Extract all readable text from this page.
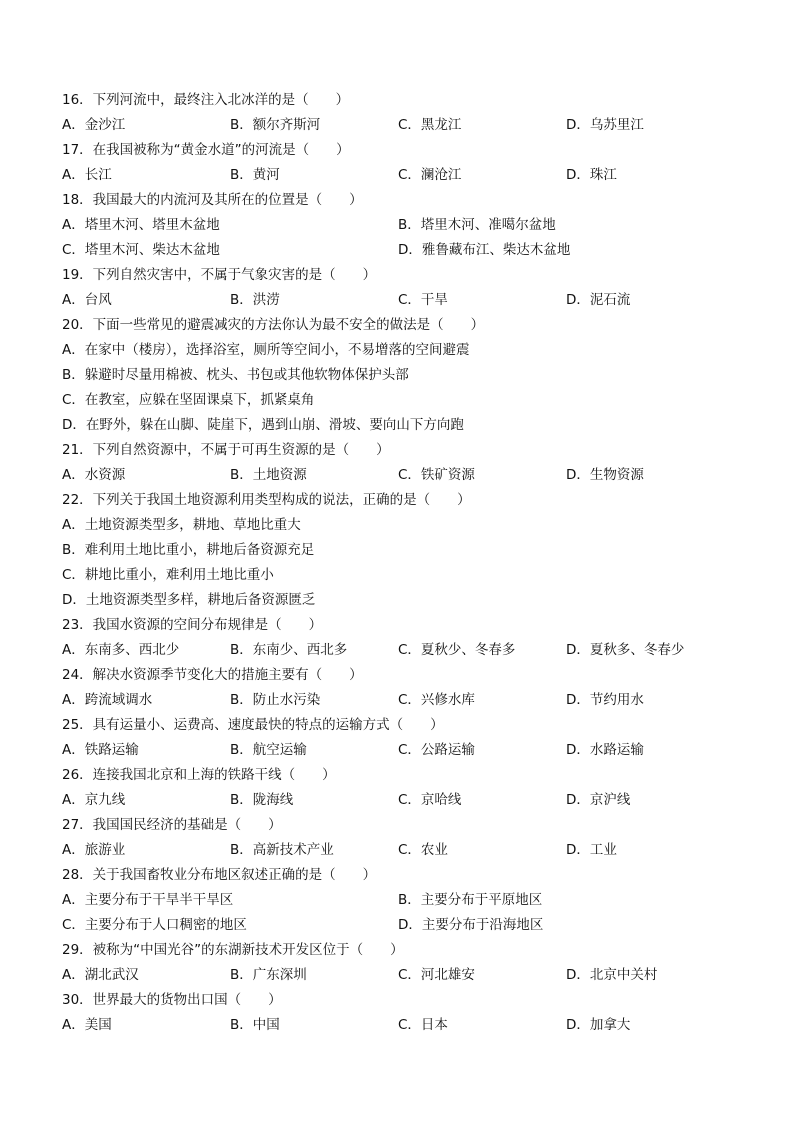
16．下列河流中，最终注入北冰洋的是（　　）
A．金沙江	B．额尔齐斯河	C．黑龙江	D．乌苏里江
17．在我国被称为“黄金水道”的河流是（　　）
A．长江	B．黄河	C．澜沧江	D．珠江
18．我国最大的内流河及其所在的位置是（　　）
A．塔里木河、塔里木盆地	B．塔里木河、准噶尔盆地
C．塔里木河、柴达木盆地	D．雅鲁藏布江、柴达木盆地
19．下列自然灾害中，不属于气象灾害的是（　　）
A．台风	B．洪涝	C．干旱	D．泥石流
20．下面一些常见的避震减灾的方法你认为最不安全的做法是（　　）
A．在家中（楼房），选择浴室，厕所等空间小，不易增落的空间避震
B．躲避时尽量用棉被、枕头、书包或其他软物体保护头部
C．在教室，应躲在坚固课桌下，抓紧桌角
D．在野外，躲在山脚、陡崖下，遇到山崩、滑坡、要向山下方向跑
21．下列自然资源中，不属于可再生资源的是（　　）
A．水资源	B．土地资源	C．铁矿资源	D．生物资源
22．下列关于我国土地资源利用类型构成的说法，正确的是（　　）
A．土地资源类型多，耕地、草地比重大
B．难利用土地比重小，耕地后备资源充足
C．耕地比重小，难利用土地比重小
D．土地资源类型多样，耕地后备资源匮乏
23．我国水资源的空间分布规律是（　　）
A．东南多、西北少	B．东南少、西北多	C．夏秋少、冬春多	D．夏秋多、冬春少
24．解决水资源季节变化大的措施主要有（　　）
A．跨流域调水	B．防止水污染	C．兴修水库	D．节约用水
25．具有运量小、运费高、速度最快的特点的运输方式（　　）
A．铁路运输	B．航空运输	C．公路运输	D．水路运输
26．连接我国北京和上海的铁路干线（　　）
A．京九线	B．陇海线	C．京哈线	D．京沪线
27．我国国民经济的基础是（　　）
A．旅游业	B．高新技术产业	C．农业	D．工业
28．关于我国畜牧业分布地区叙述正确的是（　　）
A．主要分布于干旱半干旱区	B．主要分布于平原地区
C．主要分布于人口稠密的地区	D．主要分布于沿海地区
29．被称为“中国光谷”的东湖新技术开发区位于（　　）
A．湖北武汉	B．广东深圳	C．河北雄安	D．北京中关村
30．世界最大的货物出口国（　　）
A．美国	B．中国	C．日本	D．加拿大
